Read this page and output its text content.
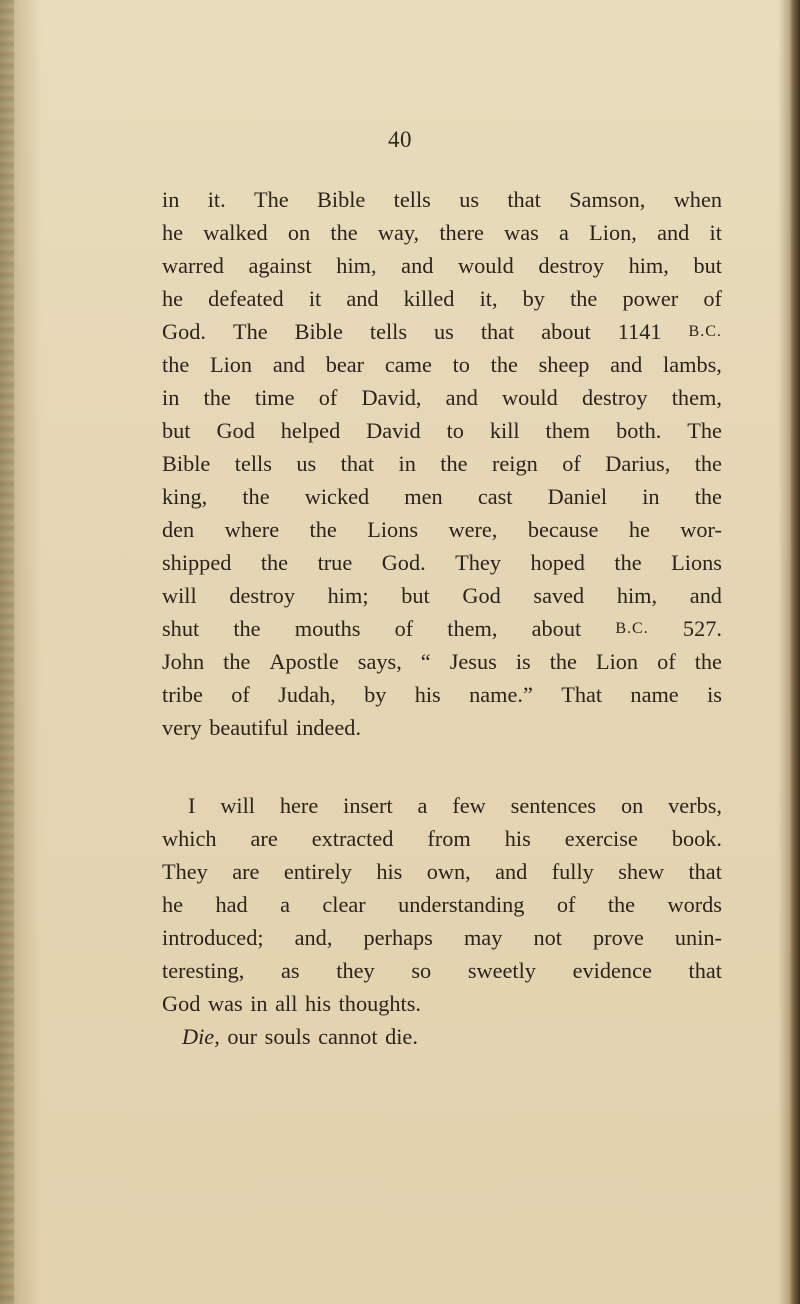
40
in it. The Bible tells us that Samson, when
he walked on the way, there was a Lion, and it
warred against him, and would destroy him, but
he defeated it and killed it, by the power of
God. The Bible tells us that about 1141 B.C.
the Lion and bear came to the sheep and lambs,
in the time of David, and would destroy them,
but God helped David to kill them both. The
Bible tells us that in the reign of Darius, the
king, the wicked men cast Daniel in the
den where the Lions were, because he wor-
shipped the true God. They hoped the Lions
will destroy him; but God saved him, and
shut the mouths of them, about B.C. 527.
John the Apostle says, “ Jesus is the Lion of the
tribe of Judah, by his name.” That name is
very beautiful indeed.
I will here insert a few sentences on verbs,
which are extracted from his exercise book.
They are entirely his own, and fully shew that
he had a clear understanding of the words
introduced; and, perhaps may not prove unin-
teresting, as they so sweetly evidence that
God was in all his thoughts.
Die,
our souls cannot die.
